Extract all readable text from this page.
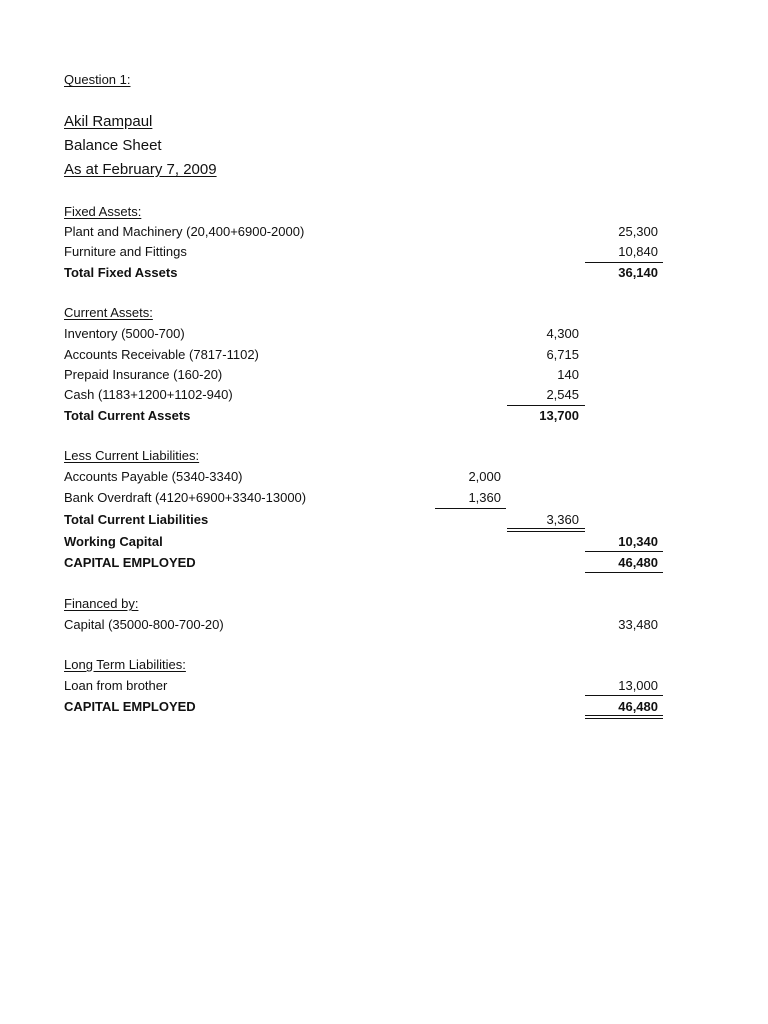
Question 1:
Akil Rampaul
Balance Sheet
As at February 7, 2009
Fixed Assets:
Plant and Machinery (20,400+6900-2000)	25,300
Furniture and Fittings	10,840
Total Fixed Assets	36,140
Current Assets:
Inventory (5000-700)	4,300
Accounts Receivable (7817-1102)	6,715
Prepaid Insurance (160-20)	140
Cash (1183+1200+1102-940)	2,545
Total Current Assets	13,700
Less Current Liabilities:
Accounts Payable (5340-3340)	2,000
Bank Overdraft (4120+6900+3340-13000)	1,360
Total Current Liabilities	3,360
Working Capital	10,340
CAPITAL EMPLOYED	46,480
Financed by:
Capital (35000-800-700-20)	33,480
Long Term Liabilities:
Loan from brother	13,000
CAPITAL EMPLOYED	46,480
